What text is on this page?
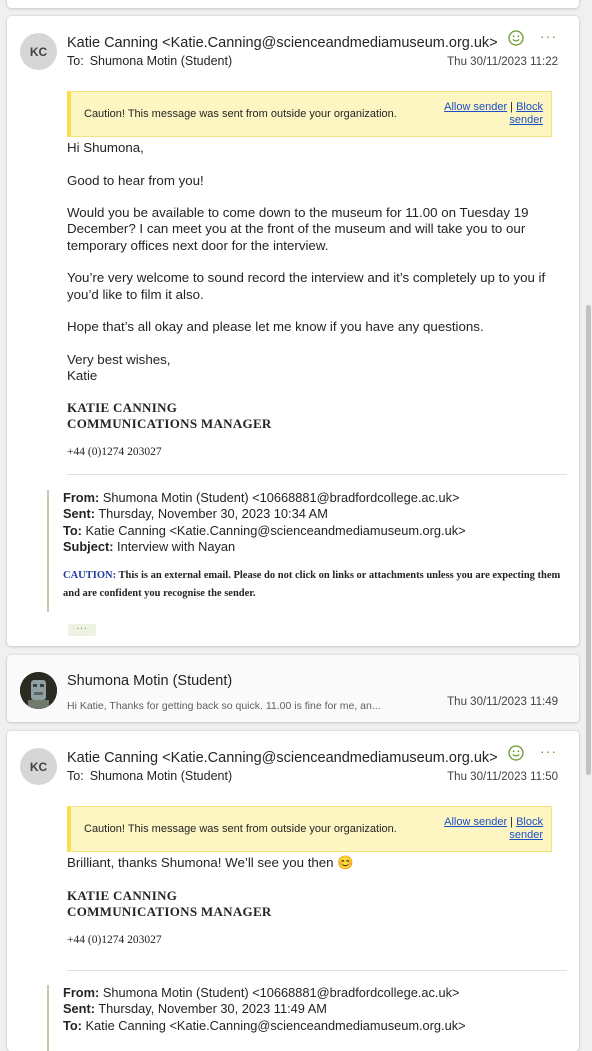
KC
Katie Canning <Katie.Canning@scienceandmediamuseum.org.uk>
To: Shumona Motin (Student)	Thu 30/11/2023 11:22
···
Caution! This message was sent from outside your organization.
Allow sender | Block sender

Hi Shumona,

Good to hear from you!

Would you be available to come down to the museum for 11.00 on Tuesday 19 December? I can meet you at the front of the museum and will take you to our temporary offices next door for the interview.

You’re very welcome to sound record the interview and it’s completely up to you if you’d like to film it also.

Hope that’s all okay and please let me know if you have any questions.

Very best wishes,
Katie
KATIE CANNING
COMMUNICATIONS MANAGER
+44 (0)1274 203027
From: Shumona Motin (Student) <10668881@bradfordcollege.ac.uk>
Sent: Thursday, November 30, 2023 10:34 AM
To: Katie Canning <Katie.Canning@scienceandmediamuseum.org.uk>
Subject: Interview with Nayan
CAUTION: This is an external email. Please do not click on links or attachments unless you are expecting them and are confident you recognise the sender.
...
Shumona Motin (Student)
Hi Katie, Thanks for getting back so quick. 11.00 is fine for me, an...	Thu 30/11/2023 11:49
KC
Katie Canning <Katie.Canning@scienceandmediamuseum.org.uk>
To: Shumona Motin (Student)	Thu 30/11/2023 11:50
···
Caution! This message was sent from outside your organization.
Allow sender | Block sender

Brilliant, thanks Shumona! We’ll see you then 😊

KATIE CANNING
COMMUNICATIONS MANAGER
+44 (0)1274 203027
From: Shumona Motin (Student) <10668881@bradfordcollege.ac.uk>
Sent: Thursday, November 30, 2023 11:49 AM
To: Katie Canning <Katie.Canning@scienceandmediamuseum.org.uk>
